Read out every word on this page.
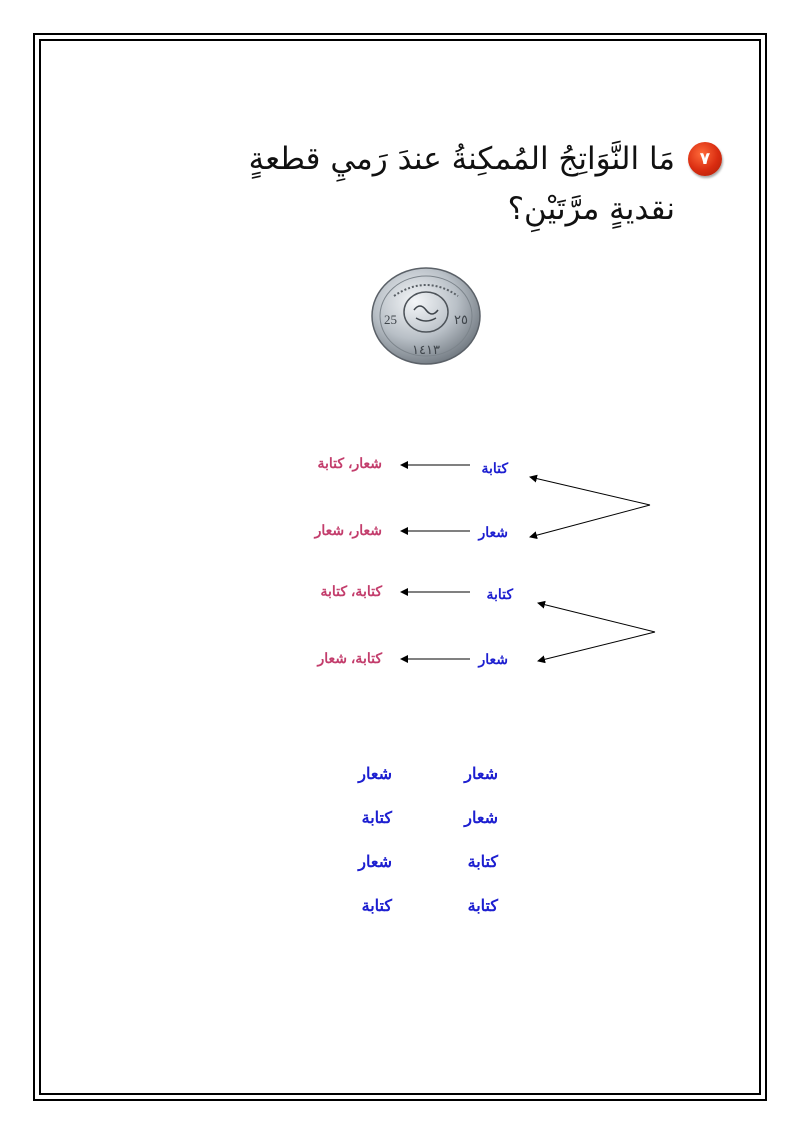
٧
مَا النَّوَاتِجُ المُمكِنةُ عندَ رَميِ قطعةٍ
نقديةٍ مرَّتَيْنِ؟
25	٢٥
١٤١٣
كتابة
شعار
كتابة
شعار
شعار، كتابة
شعار، شعار
كتابة، كتابة
كتابة، شعار
شعار
شعار
شعار
كتابة
كتابة
شعار
كتابة
كتابة
